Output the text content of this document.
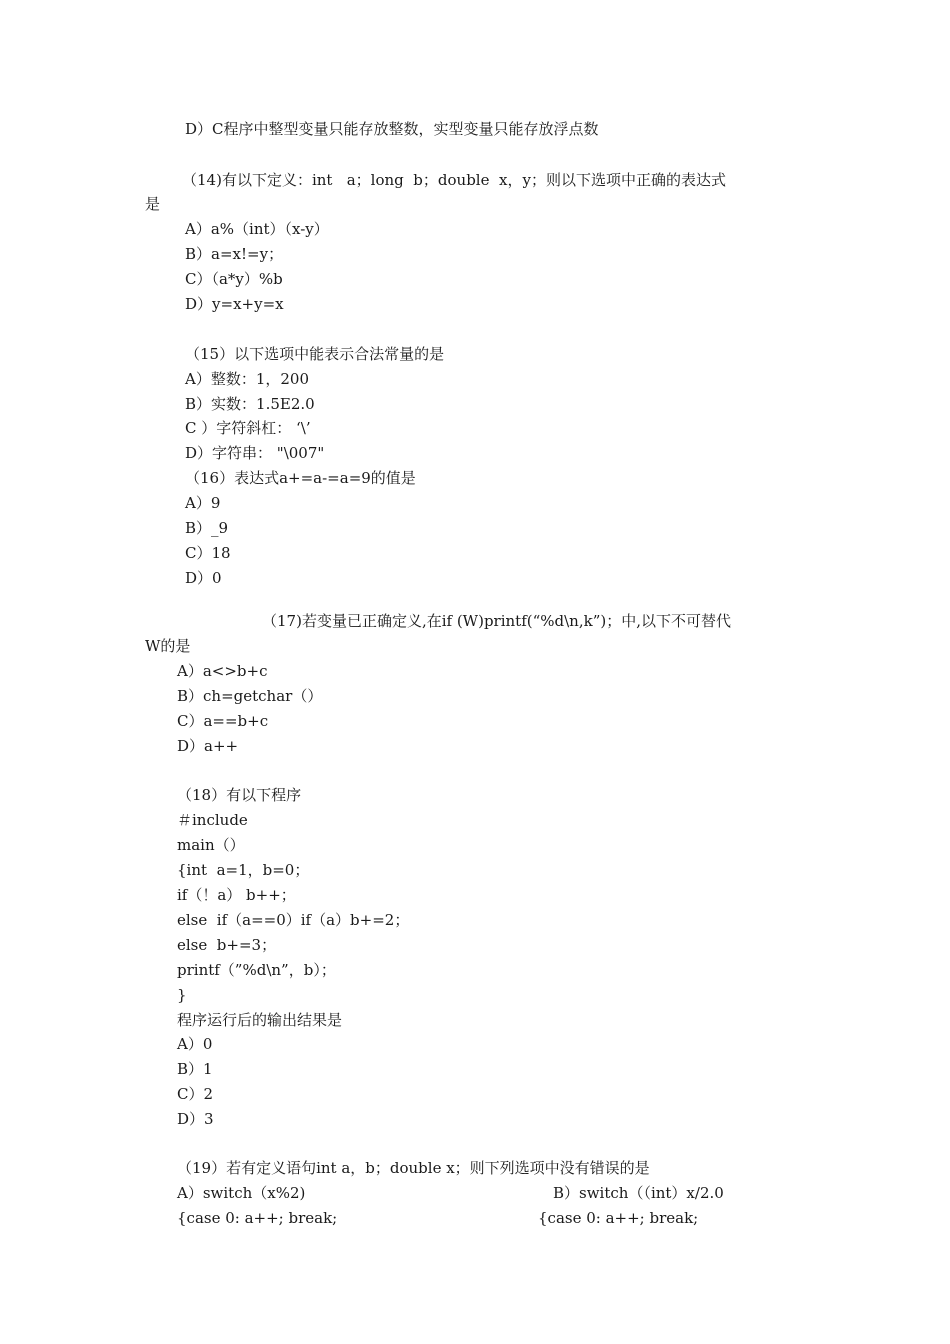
D）C程序中整型变量只能存放整数，实型变量只能存放浮点数
（14)有以下定义：int   a；long  b；double  x，y；则以下选项中正确的表达式
是
A）a%（int）（x-y）
B）a=x!=y；
C）（a*y）%b
D）y=x+y=x
（15）以下选项中能表示合法常量的是
A）整数：1，200
B）实数：1.5E2.0
C ）字符斜杠： ‘\’
D）字符串： "\007"
（16）表达式a+=a-=a=9的值是
A）9
B）_9
C）18
D）0
（17)若变量已正确定义,在if (W)printf(“%d\n,k”)；中,以下不可替代
W的是
A）a<>b+c
B）ch=getchar（）
C）a==b+c
D）a++
（18）有以下程序
＃include
main（）
{int  a=1，b=0；
if（！a） b++；
else  if（a==0）if（a）b+=2；
else  b+=3；
printf（”%d\n”，b）；
}
程序运行后的输出结果是
A）0
B）1
C）2
D）3
（19）若有定义语句int a，b；double x；则下列选项中没有错误的是
A）switch（x%2)	B）switch（（int）x/2.0
{case 0: a++; break;	{case 0: a++; break;
